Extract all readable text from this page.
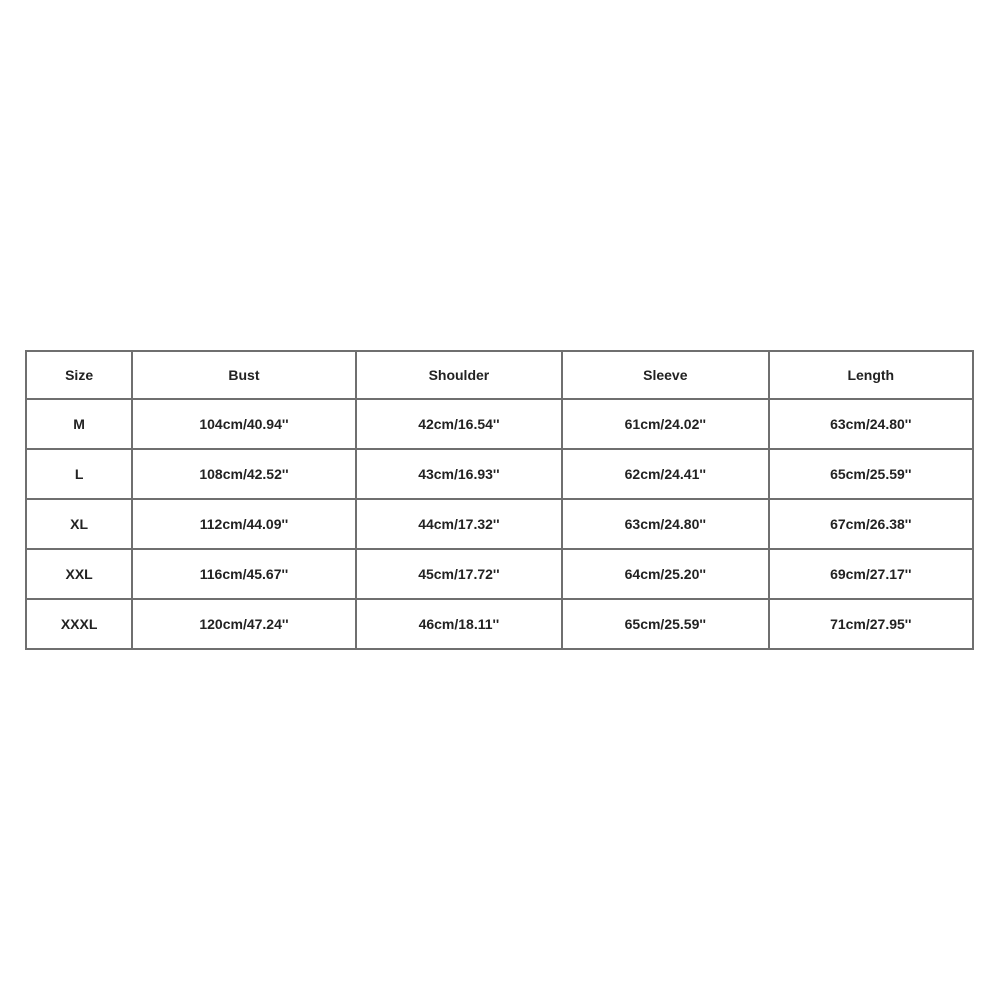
Size	Bust	Shoulder	Sleeve	Length
M	104cm/40.94''	42cm/16.54''	61cm/24.02''	63cm/24.80''
L	108cm/42.52''	43cm/16.93''	62cm/24.41''	65cm/25.59''
XL	112cm/44.09''	44cm/17.32''	63cm/24.80''	67cm/26.38''
XXL	116cm/45.67''	45cm/17.72''	64cm/25.20''	69cm/27.17''
XXXL	120cm/47.24''	46cm/18.11''	65cm/25.59''	71cm/27.95''
